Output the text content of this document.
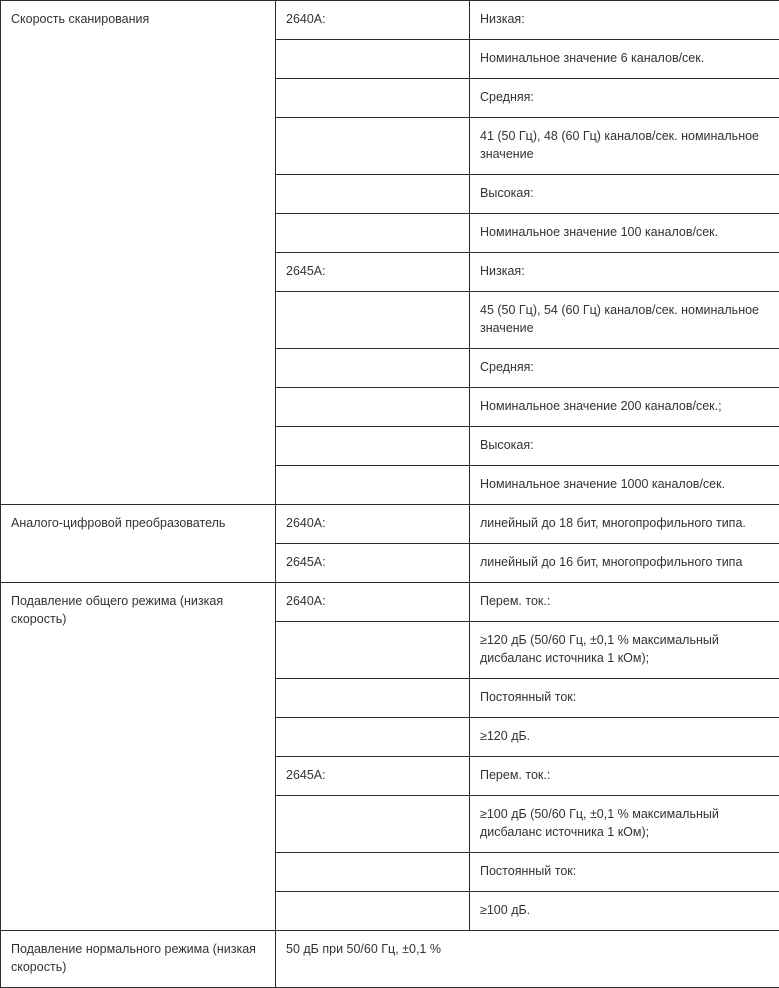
Скорость сканирования	2640A:	Низкая:
		Номинальное значение 6 каналов/сек.
		Средняя:
		41 (50 Гц), 48 (60 Гц) каналов/сек. номинальное значение
		Высокая:
		Номинальное значение 100 каналов/сек.
	2645A:	Низкая:
		45 (50 Гц), 54 (60 Гц) каналов/сек. номинальное значение
		Средняя:
		Номинальное значение 200 каналов/сек.;
		Высокая:
		Номинальное значение 1000 каналов/сек.
Аналого-цифровой преобразователь	2640A:	линейный до 18 бит, многопрофильного типа.
	2645A:	линейный до 16 бит, многопрофильного типа
Подавление общего режима (низкая скорость)	2640A:	Перем. ток.:
		≥120 дБ (50/60 Гц, ±0,1 % максимальный дисбаланс источника 1 кОм);
		Постоянный ток:
		≥120 дБ.
	2645A:	Перем. ток.:
		≥100 дБ (50/60 Гц, ±0,1 % максимальный дисбаланс источника 1 кОм);
		Постоянный ток:
		≥100 дБ.
Подавление нормального режима (низкая скорость)	50 дБ при 50/60 Гц, ±0,1 %	
